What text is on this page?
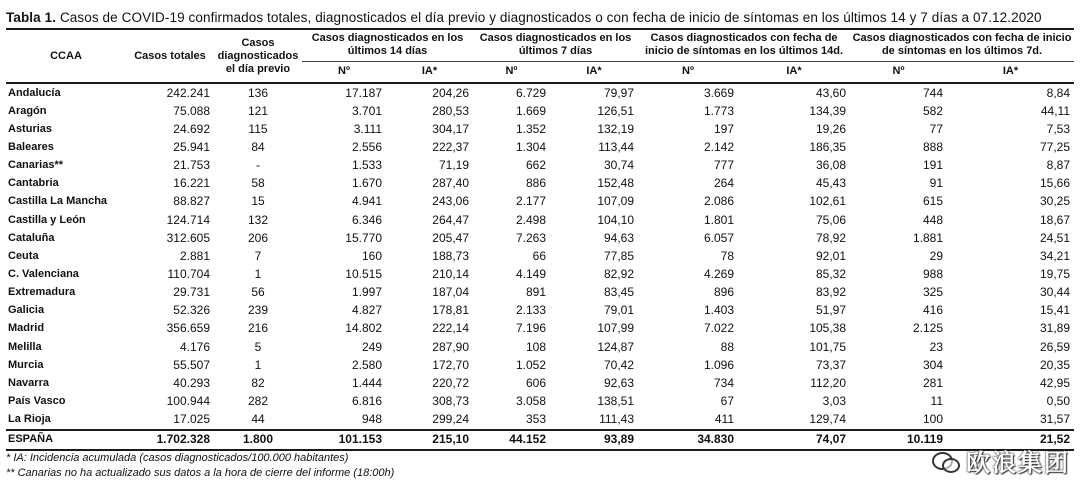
Tabla 1. Casos de COVID-19 confirmados totales, diagnosticados el día previo y diagnosticados o con fecha de inicio de síntomas en los últimos 14 y 7 días a 07.12.2020
CCAA	Casos totales	Casos diagnosticados el día previo	Casos diagnosticados en los últimos 14 días		Casos diagnosticados en los últimos 7 días		Casos diagnosticados con fecha de inicio de síntomas en los últimos 14d.		Casos diagnosticados con fecha de inicio de síntomas en los últimos 7d.	
			Nº	IA*	Nº	IA*	Nº	IA*	Nº	IA*
Andalucía	242.241	136	17.187	204,26	6.729	79,97	3.669	43,60	744	8,84
Aragón	75.088	121	3.701	280,53	1.669	126,51	1.773	134,39	582	44,11
Asturias	24.692	115	3.111	304,17	1.352	132,19	197	19,26	77	7,53
Baleares	25.941	84	2.556	222,37	1.304	113,44	2.142	186,35	888	77,25
Canarias**	21.753	-	1.533	71,19	662	30,74	777	36,08	191	8,87
Cantabria	16.221	58	1.670	287,40	886	152,48	264	45,43	91	15,66
Castilla La Mancha	88.827	15	4.941	243,06	2.177	107,09	2.086	102,61	615	30,25
Castilla y León	124.714	132	6.346	264,47	2.498	104,10	1.801	75,06	448	18,67
Cataluña	312.605	206	15.770	205,47	7.263	94,63	6.057	78,92	1.881	24,51
Ceuta	2.881	7	160	188,73	66	77,85	78	92,01	29	34,21
C. Valenciana	110.704	1	10.515	210,14	4.149	82,92	4.269	85,32	988	19,75
Extremadura	29.731	56	1.997	187,04	891	83,45	896	83,92	325	30,44
Galicia	52.326	239	4.827	178,81	2.133	79,01	1.403	51,97	416	15,41
Madrid	356.659	216	14.802	222,14	7.196	107,99	7.022	105,38	2.125	31,89
Melilla	4.176	5	249	287,90	108	124,87	88	101,75	23	26,59
Murcia	55.507	1	2.580	172,70	1.052	70,42	1.096	73,37	304	20,35
Navarra	40.293	82	1.444	220,72	606	92,63	734	112,20	281	42,95
País Vasco	100.944	282	6.816	308,73	3.058	138,51	67	3,03	11	0,50
La Rioja	17.025	44	948	299,24	353	111,43	411	129,74	100	31,57
ESPAÑA	1.702.328	1.800	101.153	215,10	44.152	93,89	34.830	74,07	10.119	21,52
* IA: Incidencia acumulada (casos diagnosticados/100.000 habitantes)
** Canarias no ha actualizado sus datos a la hora de cierre del informe (18:00h)	欧浪集团
